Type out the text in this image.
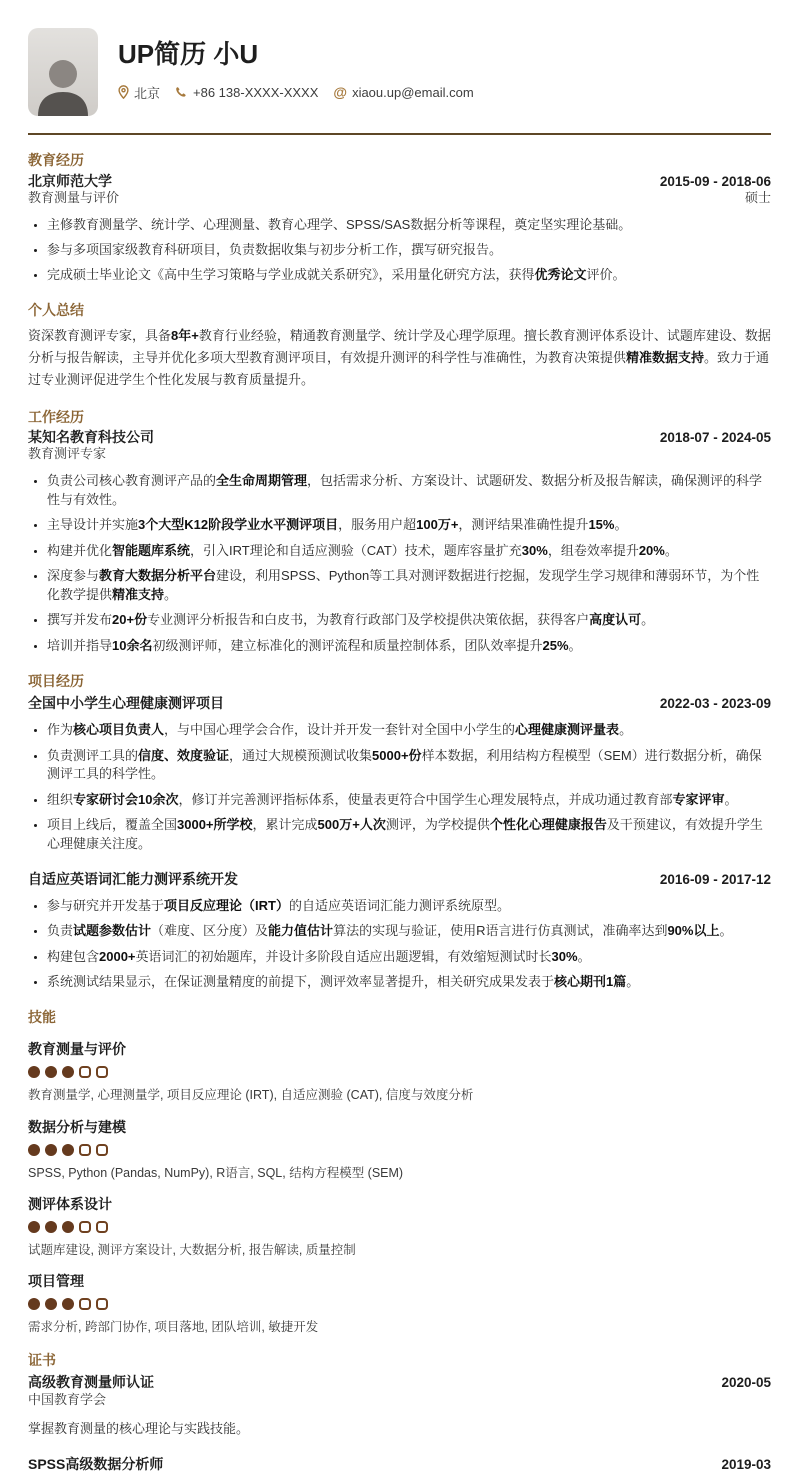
UP简历 小U
北京	+86 138-XXXX-XXXX @ xiaou.up@email.com
教育经历
北京师范大学	2015-09 - 2018-06
教育测量与评价	硕士
• 主修教育测量学、统计学、心理测量、教育心理学、SPSS/SAS数据分析等课程，奠定坚实理论基础。
• 参与多项国家级教育科研项目，负责数据收集与初步分析工作，撰写研究报告。
• 完成硕士毕业论文《高中生学习策略与学业成就关系研究》，采用量化研究方法，获得优秀论文评价。
个人总结
资深教育测评专家，具备8年+教育行业经验，精通教育测量学、统计学及心理学原理。擅长教育测评体系设计、试题库建设、数据分析与报告解读，主导并优化多项大型教育测评项目，有效提升测评的科学性与准确性，为教育决策提供精准数据支持。致力于通过专业测评促进学生个性化发展与教育质量提升。
工作经历
某知名教育科技公司	2018-07 - 2024-05
教育测评专家
• 负责公司核心教育测评产品的全生命周期管理，包括需求分析、方案设计、试题研发、数据分析及报告解读，确保测评的科学性与有效性。
• 主导设计并实施3个大型K12阶段学业水平测评项目，服务用户超100万+，测评结果准确性提升15%。
• 构建并优化智能题库系统，引入IRT理论和自适应测验（CAT）技术，题库容量扩充30%，组卷效率提升20%。
• 深度参与教育大数据分析平台建设，利用SPSS、Python等工具对测评数据进行挖掘，发现学生学习规律和薄弱环节，为个性化教学提供精准支持。
• 撰写并发布20+份专业测评分析报告和白皮书，为教育行政部门及学校提供决策依据，获得客户高度认可。
• 培训并指导10余名初级测评师，建立标准化的测评流程和质量控制体系，团队效率提升25%。
项目经历
全国中小学生心理健康测评项目	2022-03 - 2023-09
• 作为核心项目负责人，与中国心理学会合作，设计并开发一套针对全国中小学生的心理健康测评量表。
• 负责测评工具的信度、效度验证，通过大规模预测试收集5000+份样本数据，利用结构方程模型（SEM）进行数据分析，确保测评工具的科学性。
• 组织专家研讨会10余次，修订并完善测评指标体系，使量表更符合中国学生心理发展特点，并成功通过教育部专家评审。
• 项目上线后，覆盖全国3000+所学校，累计完成500万+人次测评，为学校提供个性化心理健康报告及干预建议，有效提升学生心理健康关注度。
自适应英语词汇能力测评系统开发	2016-09 - 2017-12
• 参与研究并开发基于项目反应理论（IRT）的自适应英语词汇能力测评系统原型。
• 负责试题参数估计（难度、区分度）及能力值估计算法的实现与验证，使用R语言进行仿真测试，准确率达到90%以上。
• 构建包含2000+英语词汇的初始题库，并设计多阶段自适应出题逻辑，有效缩短测试时长30%。
• 系统测试结果显示，在保证测量精度的前提下，测评效率显著提升，相关研究成果发表于核心期刊1篇。
技能
教育测量与评价
教育测量学, 心理测量学, 项目反应理论 (IRT), 自适应测验 (CAT), 信度与效度分析
数据分析与建模
SPSS, Python (Pandas, NumPy), R语言, SQL, 结构方程模型 (SEM)
测评体系设计
试题库建设, 测评方案设计, 大数据分析, 报告解读, 质量控制
项目管理
需求分析, 跨部门协作, 项目落地, 团队培训, 敏捷开发
证书
高级教育测量师认证	2020-05
中国教育学会
掌握教育测量的核心理论与实践技能。
SPSS高级数据分析师	2019-03
